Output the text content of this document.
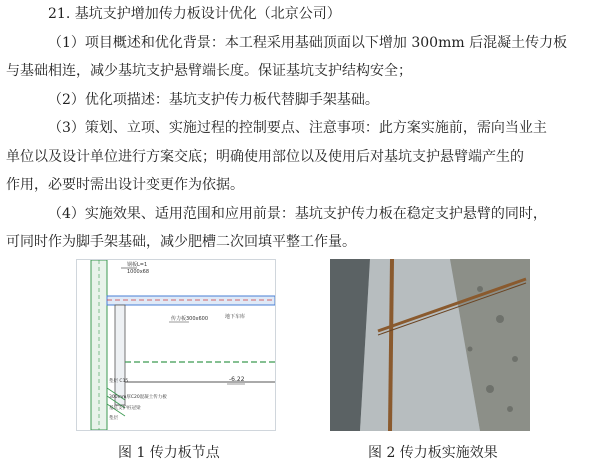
21. 基坑支护增加传力板设计优化（北京公司）
（1）项目概述和优化背景：本工程采用基础顶面以下增加 300mm 后混凝土传力板
与基础相连，减少基坑支护悬臂端长度。保证基坑支护结构安全；
（2）优化项描述：基坑支护传力板代替脚手架基础。
（3）策划、立项、实施过程的控制要点、注意事项：此方案实施前，需向当业主
单位以及设计单位进行方案交底；明确使用部位以及使用后对基坑支护悬臂端产生的
作用，必要时需出设计变更作为依据。
（4）实施效果、适用范围和应用前景：基坑支护传力板在稳定支护悬臂的同时，
可同时作为脚手架基础，减少肥槽二次回填平整工作量。
钢板L=1
1000x68
传力板300x600	地下车库
-6.22
垫层 C15
300mm厚C20混凝土传力板
基坑支护桩冠梁
垫层
图 1 传力板节点	图 2 传力板实施效果
